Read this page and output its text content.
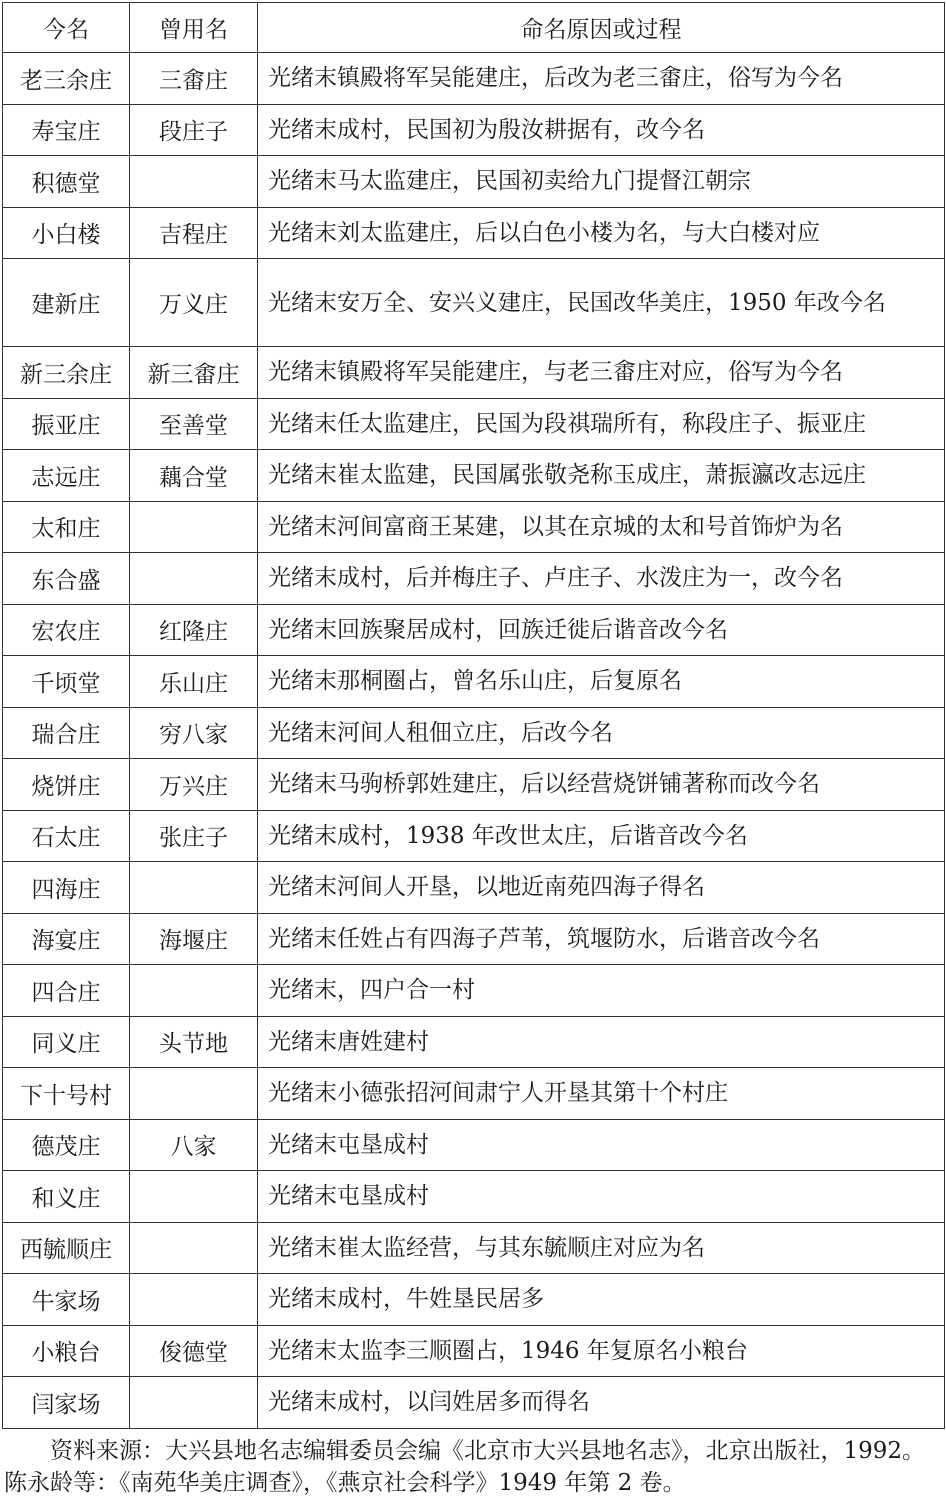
今名	曾用名	命名原因或过程
老三余庄	三畬庄	光绪末镇殿将军吴能建庄，后改为老三畬庄，俗写为今名
寿宝庄	段庄子	光绪末成村，民国初为殷汝耕据有，改今名
积德堂		光绪末马太监建庄，民国初卖给九门提督江朝宗
小白楼	吉程庄	光绪末刘太监建庄，后以白色小楼为名，与大白楼对应
建新庄	万义庄	光绪末安万全、安兴义建庄，民国改华美庄，1950 年改今名

新三余庄	新三畬庄	光绪末镇殿将军吴能建庄，与老三畬庄对应，俗写为今名
振亚庄	至善堂	光绪末任太监建庄，民国为段祺瑞所有，称段庄子、振亚庄
志远庄	藕合堂	光绪末崔太监建，民国属张敬尧称玉成庄，萧振瀛改志远庄
太和庄		光绪末河间富商王某建，以其在京城的太和号首饰炉为名
东合盛		光绪末成村，后并梅庄子、卢庄子、水泼庄为一，改今名
宏农庄	红隆庄	光绪末回族聚居成村，回族迁徙后谐音改今名
千顷堂	乐山庄	光绪末那桐圈占，曾名乐山庄，后复原名
瑞合庄	穷八家	光绪末河间人租佃立庄，后改今名
烧饼庄	万兴庄	光绪末马驹桥郭姓建庄，后以经营烧饼铺著称而改今名
石太庄	张庄子	光绪末成村，1938 年改世太庄，后谐音改今名
四海庄		光绪末河间人开垦，以地近南苑四海子得名
海宴庄	海堰庄	光绪末任姓占有四海子芦苇，筑堰防水，后谐音改今名
四合庄		光绪末，四户合一村
同义庄	头节地	光绪末唐姓建村
下十号村		光绪末小德张招河间肃宁人开垦其第十个村庄
德茂庄	八家	光绪末屯垦成村
和义庄		光绪末屯垦成村
西毓顺庄		光绪末崔太监经营，与其东毓顺庄对应为名
牛家场		光绪末成村，牛姓垦民居多
小粮台	俊德堂	光绪末太监李三顺圈占，1946 年复原名小粮台
闫家场		光绪末成村，以闫姓居多而得名

资料来源：大兴县地名志编辑委员会编《北京市大兴县地名志》，北京出版社，1992。陈永龄等：《南苑华美庄调查》，《燕京社会科学》1949 年第 2 卷。
